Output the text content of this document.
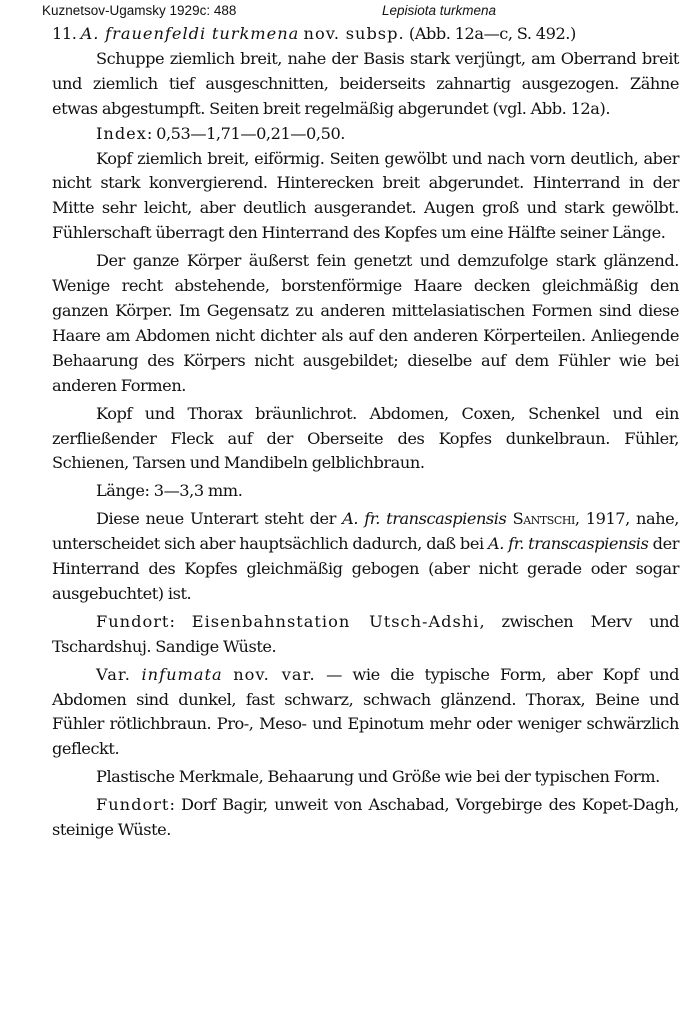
Kuznetsov-Ugamsky 1929c: 488	Lepisiota turkmena

11. A. frauenfeldi turkmena nov. subsp. (Abb. 12a—c, S. 492.)

Schuppe ziemlich breit, nahe der Basis stark verjüngt, am Oberrand breit und ziemlich tief ausgeschnitten, beiderseits zahnartig ausgezogen. Zähne etwas abgestumpft. Seiten breit regelmäßig abgerundet (vgl. Abb. 12a).

Index: 0,53—1,71—0,21—0,50.

Kopf ziemlich breit, eiförmig. Seiten gewölbt und nach vorn deutlich, aber nicht stark konvergierend. Hinterecken breit abgerundet. Hinterrand in der Mitte sehr leicht, aber deutlich ausgerandet. Augen groß und stark gewölbt. Fühlerschaft überragt den Hinterrand des Kopfes um eine Hälfte seiner Länge.

Der ganze Körper äußerst fein genetzt und demzufolge stark glänzend. Wenige recht abstehende, borstenförmige Haare decken gleichmäßig den ganzen Körper. Im Gegensatz zu anderen mittelasiatischen Formen sind diese Haare am Abdomen nicht dichter als auf den anderen Körperteilen. Anliegende Behaarung des Körpers nicht ausgebildet; dieselbe auf dem Fühler wie bei anderen Formen.

Kopf und Thorax bräunlichrot. Abdomen, Coxen, Schenkel und ein zerfließender Fleck auf der Oberseite des Kopfes dunkelbraun. Fühler, Schienen, Tarsen und Mandibeln gelblichbraun.

Länge: 3—3,3 mm.

Diese neue Unterart steht der A. fr. transcaspiensis Santschi, 1917, nahe, unterscheidet sich aber hauptsächlich dadurch, daß bei A. fr. transcaspiensis der Hinterrand des Kopfes gleichmäßig gebogen (aber nicht gerade oder sogar ausgebuchtet) ist.

Fundort: Eisenbahnstation Utsch-Adshi, zwischen Merv und Tschardshuj. Sandige Wüste.

Var. infumata nov. var. — wie die typische Form, aber Kopf und Abdomen sind dunkel, fast schwarz, schwach glänzend. Thorax, Beine und Fühler rötlichbraun. Pro-, Meso- und Epinotum mehr oder weniger schwärzlich gefleckt.

Plastische Merkmale, Behaarung und Größe wie bei der typischen Form.

Fundort: Dorf Bagir, unweit von Aschabad, Vorgebirge des Kopet-Dagh, steinige Wüste.
